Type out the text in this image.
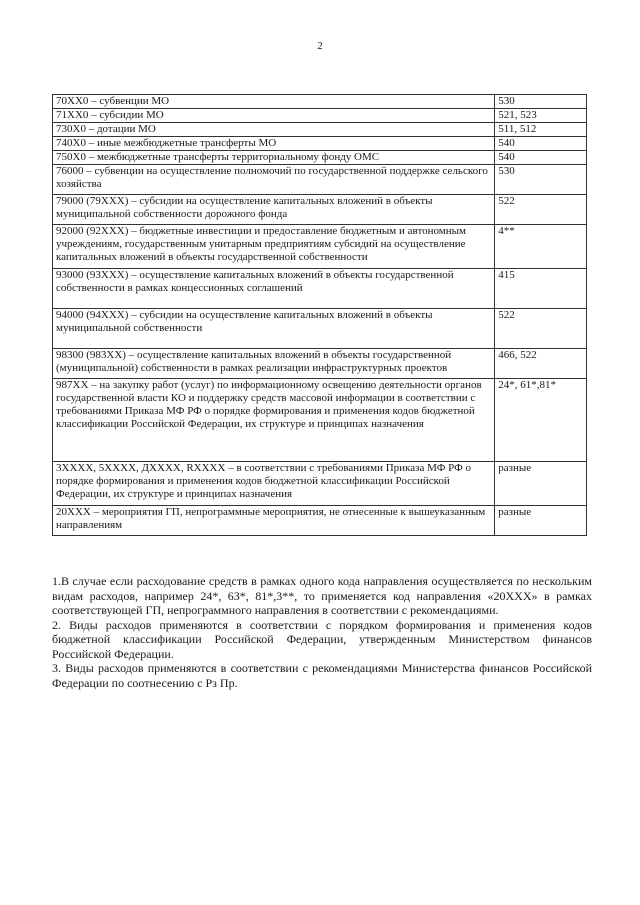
2
70ХХ0 – субвенции МО	530
71ХХ0 – субсидии МО	521, 523
730Х0 – дотации МО	511, 512
740Х0 – иные межбюджетные трансферты МО	540
750Х0 – межбюджетные трансферты территориальному фонду ОМС	540
76000 – субвенции на осуществление полномочий по государственной поддержке сельского хозяйства	530
79000 (79ХХХ) – субсидии на осуществление капитальных вложений в объекты муниципальной собственности дорожного фонда	522
92000 (92ХХХ) – бюджетные инвестиции и предоставление бюджетным и автономным учреждениям, государственным унитарным предприятиям субсидий на осуществление капитальных вложений в объекты государственной собственности	4**
93000 (93ХХХ) – осуществление капитальных вложений в объекты государственной собственности в рамках концессионных соглашений	415
94000 (94ХХХ) – субсидии на осуществление капитальных вложений в объекты муниципальной собственности	522
98300 (983ХХ) – осуществление капитальных вложений в объекты государственной (муниципальной) собственности в рамках реализации инфраструктурных проектов	466, 522
987ХХ – на закупку работ (услуг) по информационному освещению деятельности органов государственной власти КО и поддержку средств массовой информации в соответствии с требованиями Приказа МФ РФ о порядке формирования и применения кодов бюджетной классификации Российской Федерации, их структуре и принципах назначения	24*, 61*,81*
3ХХХХ, 5ХХХХ, ДХХХХ, RХХХХ – в соответствии с требованиями Приказа МФ РФ о порядке формирования и применения кодов бюджетной классификации Российской Федерации, их структуре и принципах назначения	разные
20ХХХ – мероприятия ГП, непрограммные мероприятия, не отнесенные к вышеуказанным направлениям	разные

1.В случае если расходование средств в рамках одного кода направления осуществляется по нескольким видам расходов, например 24*, 63*, 81*,3**, то применяется код направления «20ХХХ» в рамках соответствующей ГП, непрограммного направления в соответствии с рекомендациями.

2. Виды расходов применяются в соответствии с порядком формирования и применения кодов бюджетной классификации Российской Федерации, утвержденным Министерством финансов Российской Федерации.

3. Виды расходов применяются в соответствии с рекомендациями Министерства финансов Российской Федерации по соотнесению с Рз Пр.
